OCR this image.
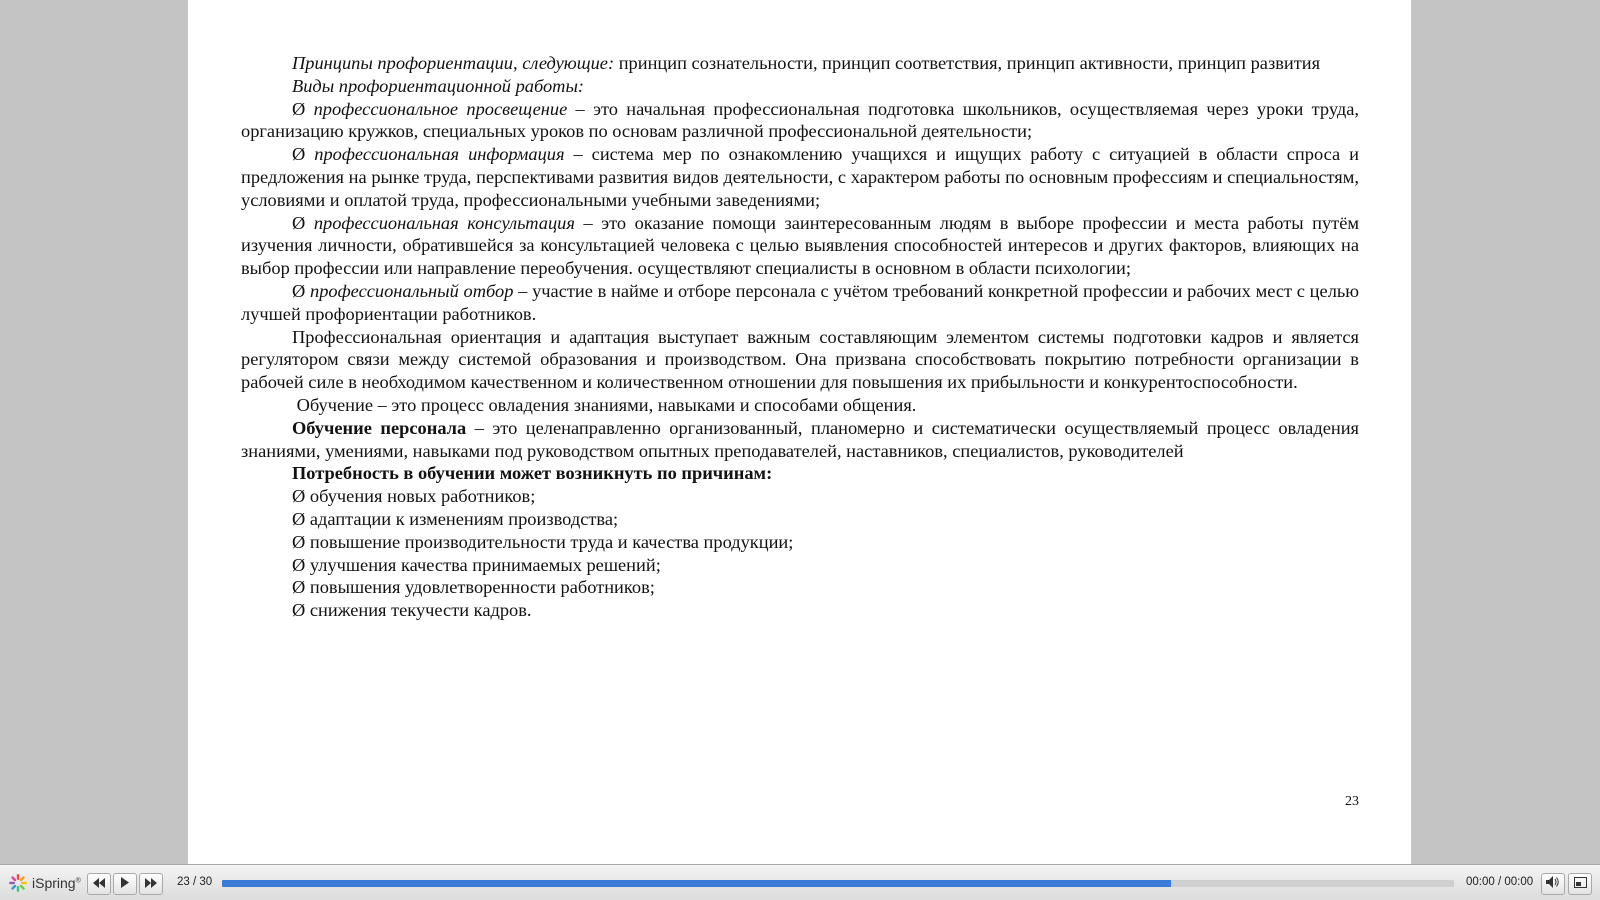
Принципы профориентации, следующие: принцип сознательности, принцип соответствия, принцип активности, принцип развития

Виды профориентационной работы:

Ø профессиональное просвещение – это начальная профессиональная подготовка школьников, осуществляемая через уроки труда, организацию кружков, специальных уроков по основам различной профессиональной деятельности;

Ø профессиональная информация – система мер по ознакомлению учащихся и ищущих работу с ситуацией в области спроса и предложения на рынке труда, перспективами развития видов деятельности, с характером работы по основным профессиям и специальностям, условиями и оплатой труда, профессиональными учебными заведениями;

Ø профессиональная консультация – это оказание помощи заинтересованным людям в выборе профессии и места работы путём изучения личности, обратившейся за консультацией человека с целью выявления способностей интересов и других факторов, влияющих на выбор профессии или направление переобучения. осуществляют специалисты в основном в области психологии;

Ø профессиональный отбор – участие в найме и отборе персонала с учётом требований конкретной профессии и рабочих мест с целью лучшей профориентации работников.

Профессиональная ориентация и адаптация выступает важным составляющим элементом системы подготовки кадров и является регулятором связи между системой образования и производством. Она призвана способствовать покрытию потребности организации в рабочей силе в необходимом качественном и количественном отношении для повышения их прибыльности и конкурентоспособности.

Обучение – это процесс овладения знаниями, навыками и способами общения.

Обучение персонала – это целенаправленно организованный, планомерно и систематически осуществляемый процесс овладения знаниями, умениями, навыками под руководством опытных преподавателей, наставников, специалистов, руководителей

Потребность в обучении может возникнуть по причинам:

Ø обучения новых работников;

Ø адаптации к изменениям производства;

Ø повышение производительности труда и качества продукции;

Ø улучшения качества принимаемых решений;

Ø повышения удовлетворенности работников;

Ø снижения текучести кадров.

23
iSpring®	23 / 30	00:00 / 00:00
